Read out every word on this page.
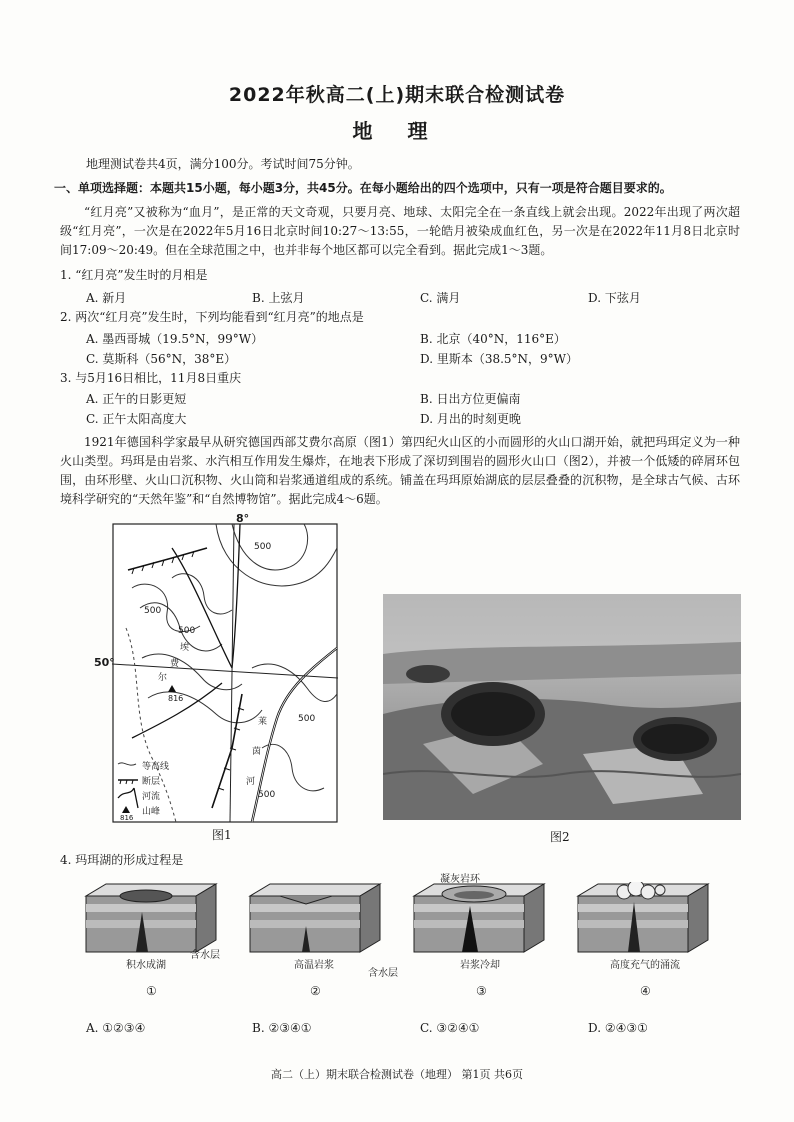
2022年秋高二(上)期末联合检测试卷
地 理
地理测试卷共4页，满分100分。考试时间75分钟。
一、单项选择题：本题共15小题，每小题3分，共45分。在每小题给出的四个选项中，只有一项是符合题目要求的。
“红月亮”又被称为“血月”，是正常的天文奇观，只要月亮、地球、太阳完全在一条直线上就会出现。2022年出现了两次超级“红月亮”，一次是在2022年5月16日北京时间10:27～13:55，一轮皓月被染成血红色，另一次是在2022年11月8日北京时间17:09～20:49。但在全球范围之中，也并非每个地区都可以完全看到。据此完成1～3题。
1. “红月亮”发生时的月相是
A. 新月	B. 上弦月	C. 满月	D. 下弦月
2. 两次“红月亮”发生时，下列均能看到“红月亮”的地点是
A. 墨西哥城（19.5°N，99°W）	B. 北京（40°N，116°E）
C. 莫斯科（56°N，38°E）	D. 里斯本（38.5°N，9°W）
3. 与5月16日相比，11月8日重庆
A. 正午的日影更短	B. 日出方位更偏南
C. 正午太阳高度大	D. 月出的时刻更晚
1921年德国科学家最早从研究德国西部艾费尔高原（图1）第四纪火山区的小而圆形的火山口湖开始，就把玛珥定义为一种火山类型。玛珥是由岩浆、水汽相互作用发生爆炸，在地表下形成了深切到围岩的圆形火山口（图2），并被一个低矮的碎屑环包围，由环形壁、火山口沉积物、火山筒和岩浆通道组成的系统。铺盖在玛珥原始湖底的层层叠叠的沉积物，是全球古气候、古环境科学研究的“天然年鉴”和“自然博物馆”。据此完成4～6题。
8°
50°
500
500
500
500
500
816
埃
费
尔
莱
茵
河
等高线
断层
河流
山峰
816
图1	图2
4. 玛珥湖的形成过程是
凝灰岩环
积水成湖
含水层
高温岩浆
含水层
岩浆冷却	高度充气的涌流
①	②	③	④
A. ①②③④	B. ②③④①	C. ③②④①	D. ②④③①
高二（上）期末联合检测试卷（地理） 第1页 共6页
